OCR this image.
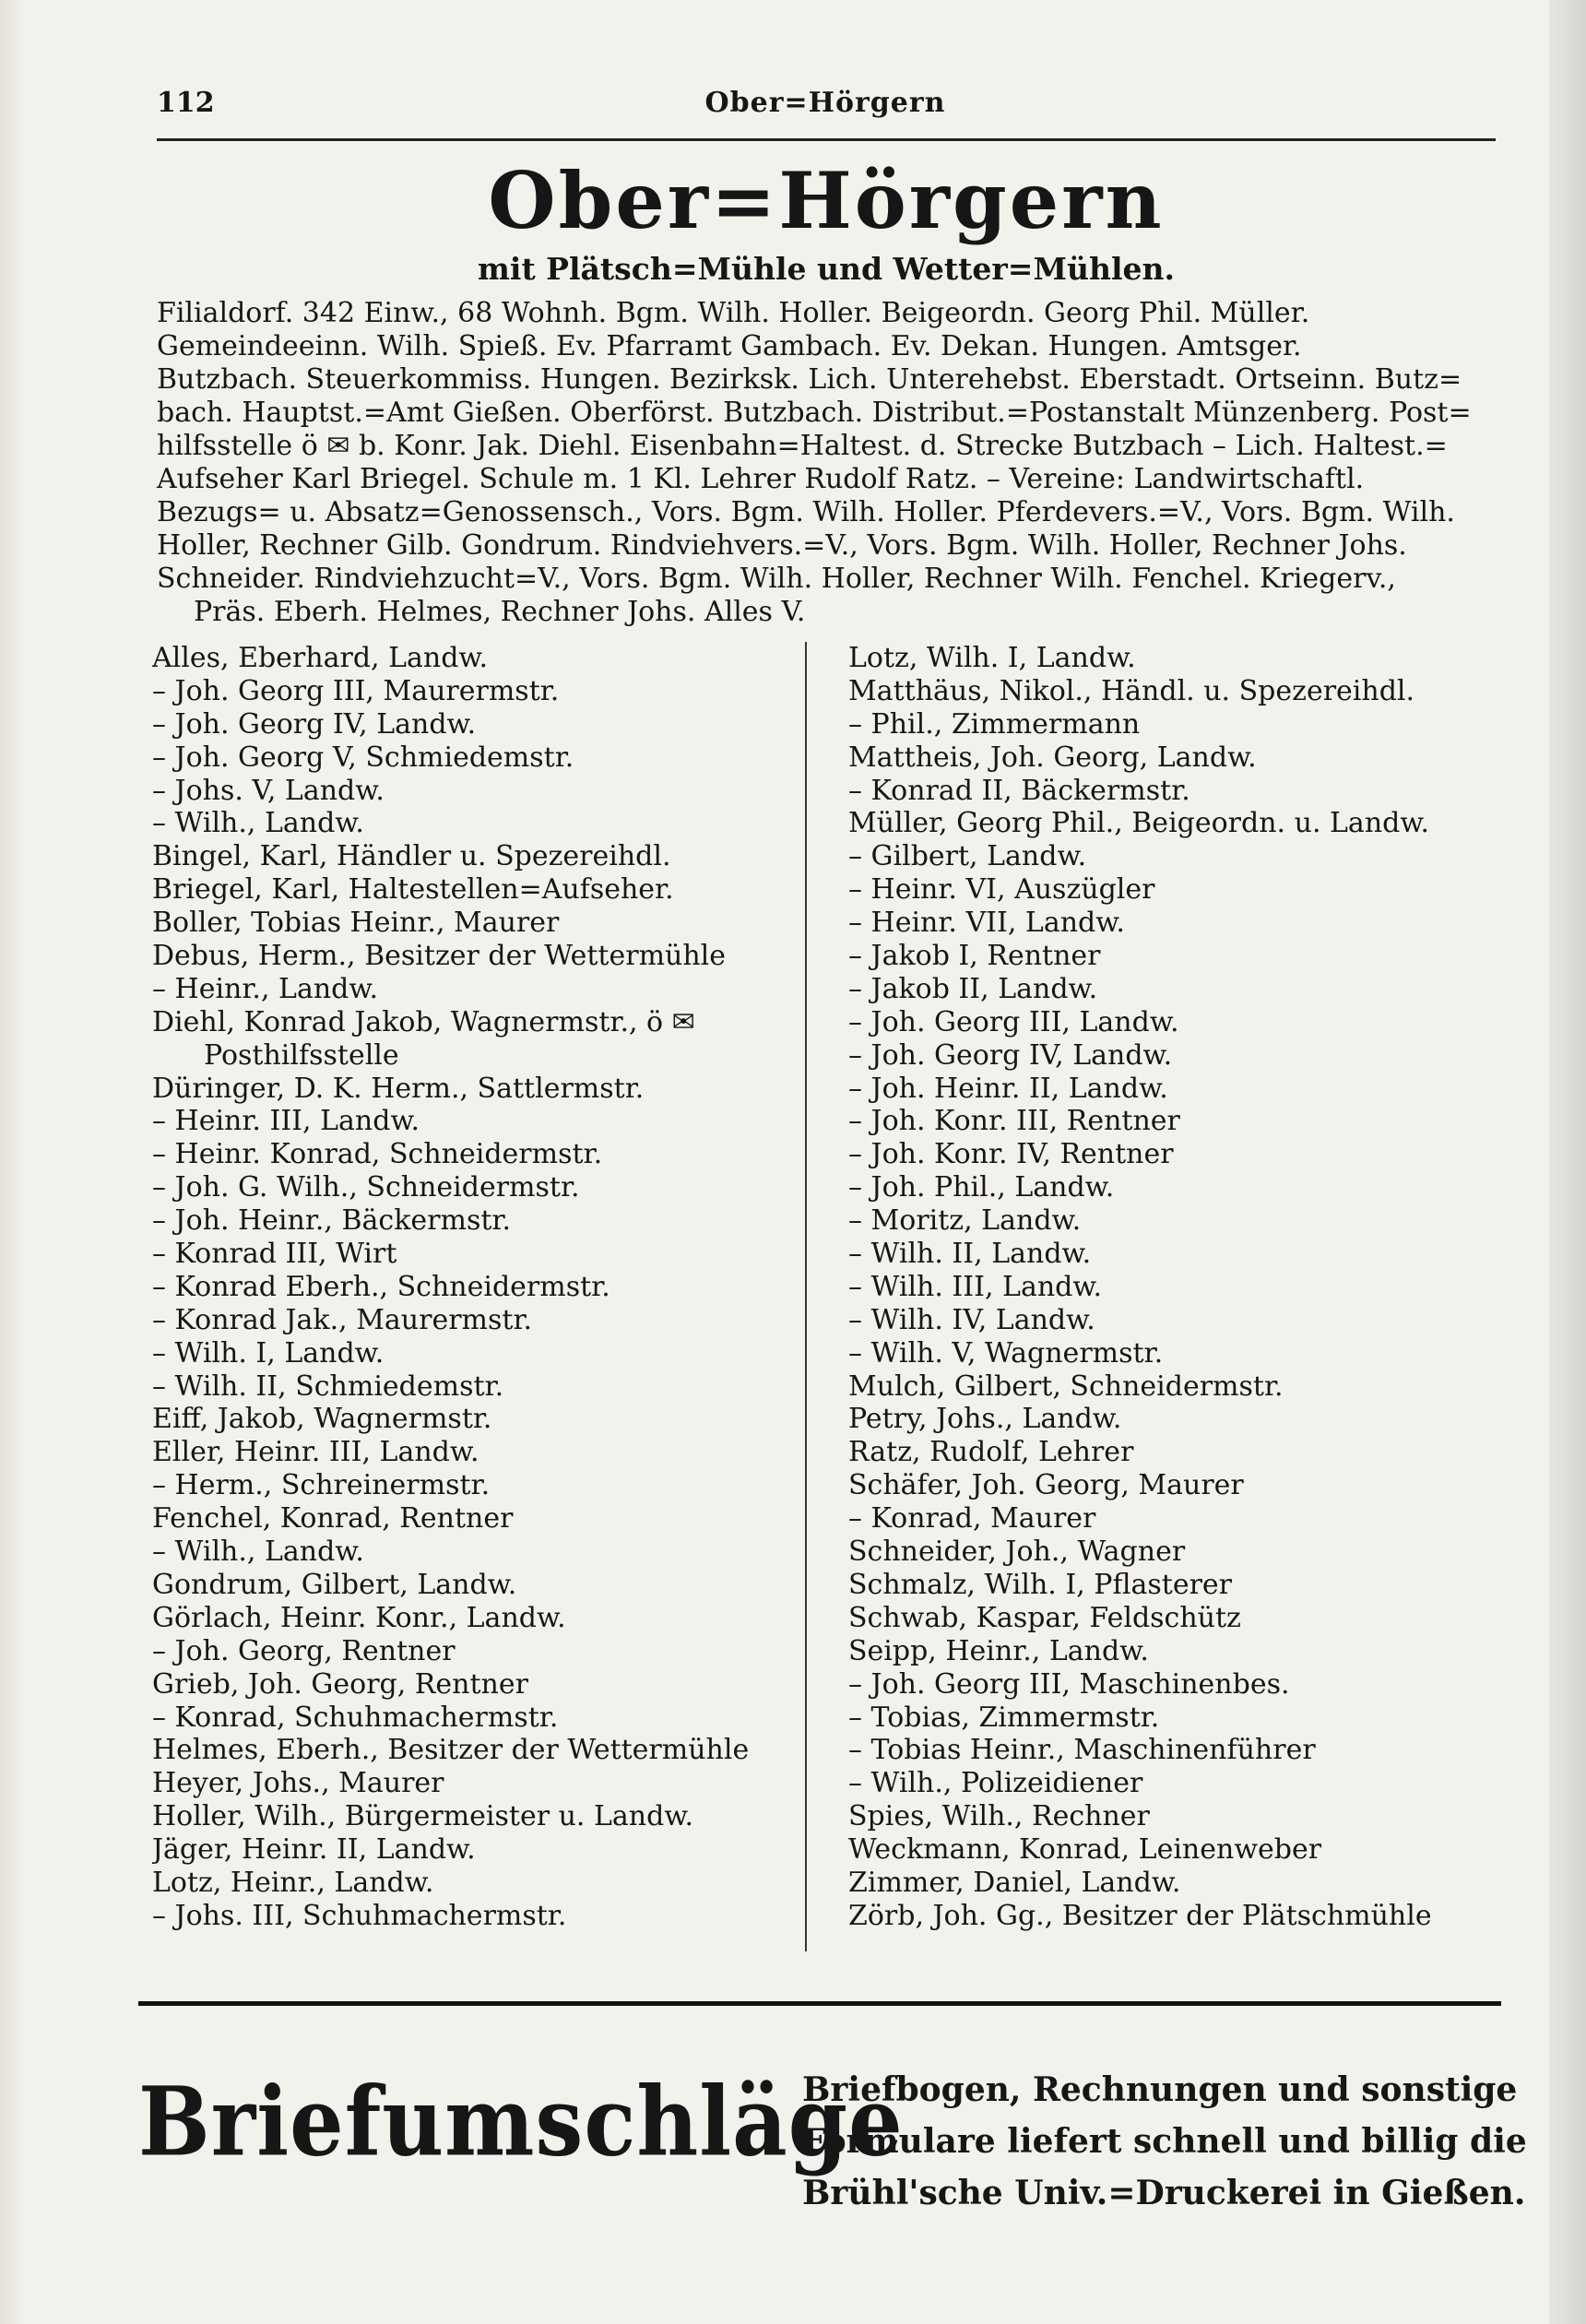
112	Ober=Hörgern
Ober=Hörgern
mit Plätsch=Mühle und Wetter=Mühlen.

Filialdorf. 342 Einw., 68 Wohnh. Bgm. Wilh. Holler. Beigeordn. Georg Phil. Müller.

Gemeindeeinn. Wilh. Spieß. Ev. Pfarramt Gambach. Ev. Dekan. Hungen. Amtsger.

Butzbach. Steuerkommiss. Hungen. Bezirksk. Lich. Unterehebst. Eberstadt. Ortseinn. Butz=

bach. Hauptst.=Amt Gießen. Oberförst. Butzbach. Distribut.=Postanstalt Münzenberg. Post=

hilfsstelle ö ✉ b. Konr. Jak. Diehl. Eisenbahn=Haltest. d. Strecke Butzbach – Lich. Haltest.=

Aufseher Karl Briegel. Schule m. 1 Kl. Lehrer Rudolf Ratz. – Vereine: Landwirtschaftl.

Bezugs= u. Absatz=Genossensch., Vors. Bgm. Wilh. Holler. Pferdevers.=V., Vors. Bgm. Wilh.

Holler, Rechner Gilb. Gondrum. Rindviehvers.=V., Vors. Bgm. Wilh. Holler, Rechner Johs.

Schneider. Rindviehzucht=V., Vors. Bgm. Wilh. Holler, Rechner Wilh. Fenchel. Kriegerv.,

Präs. Eberh. Helmes, Rechner Johs. Alles V.

Alles, Eberhard, Landw.
– Joh. Georg III, Maurermstr.
– Joh. Georg IV, Landw.
– Joh. Georg V, Schmiedemstr.
– Johs. V, Landw.
– Wilh., Landw.
Bingel, Karl, Händler u. Spezereihdl.
Briegel, Karl, Haltestellen=Aufseher.
Boller, Tobias Heinr., Maurer
Debus, Herm., Besitzer der Wettermühle
– Heinr., Landw.
Diehl, Konrad Jakob, Wagnermstr., ö ✉
Posthilfsstelle
Düringer, D. K. Herm., Sattlermstr.
– Heinr. III, Landw.
– Heinr. Konrad, Schneidermstr.
– Joh. G. Wilh., Schneidermstr.
– Joh. Heinr., Bäckermstr.
– Konrad III, Wirt
– Konrad Eberh., Schneidermstr.
– Konrad Jak., Maurermstr.
– Wilh. I, Landw.
– Wilh. II, Schmiedemstr.
Eiff, Jakob, Wagnermstr.
Eller, Heinr. III, Landw.
– Herm., Schreinermstr.
Fenchel, Konrad, Rentner
– Wilh., Landw.
Gondrum, Gilbert, Landw.
Görlach, Heinr. Konr., Landw.
– Joh. Georg, Rentner
Grieb, Joh. Georg, Rentner
– Konrad, Schuhmachermstr.
Helmes, Eberh., Besitzer der Wettermühle
Heyer, Johs., Maurer
Holler, Wilh., Bürgermeister u. Landw.
Jäger, Heinr. II, Landw.
Lotz, Heinr., Landw.
– Johs. III, Schuhmachermstr.
Lotz, Wilh. I, Landw.
Matthäus, Nikol., Händl. u. Spezereihdl.
– Phil., Zimmermann
Mattheis, Joh. Georg, Landw.
– Konrad II, Bäckermstr.
Müller, Georg Phil., Beigeordn. u. Landw.
– Gilbert, Landw.
– Heinr. VI, Auszügler
– Heinr. VII, Landw.
– Jakob I, Rentner
– Jakob II, Landw.
– Joh. Georg III, Landw.
– Joh. Georg IV, Landw.
– Joh. Heinr. II, Landw.
– Joh. Konr. III, Rentner
– Joh. Konr. IV, Rentner
– Joh. Phil., Landw.
– Moritz, Landw.
– Wilh. II, Landw.
– Wilh. III, Landw.
– Wilh. IV, Landw.
– Wilh. V, Wagnermstr.
Mulch, Gilbert, Schneidermstr.
Petry, Johs., Landw.
Ratz, Rudolf, Lehrer
Schäfer, Joh. Georg, Maurer
– Konrad, Maurer
Schneider, Joh., Wagner
Schmalz, Wilh. I, Pflasterer
Schwab, Kaspar, Feldschütz
Seipp, Heinr., Landw.
– Joh. Georg III, Maschinenbes.
– Tobias, Zimmermstr.
– Tobias Heinr., Maschinenführer
– Wilh., Polizeidiener
Spies, Wilh., Rechner
Weckmann, Konrad, Leinenweber
Zimmer, Daniel, Landw.
Zörb, Joh. Gg., Besitzer der Plätschmühle
Briefumschläge
Briefbogen, Rechnungen und sonstige
Formulare liefert schnell und billig die
Brühl'sche Univ.=Druckerei in Gießen.
